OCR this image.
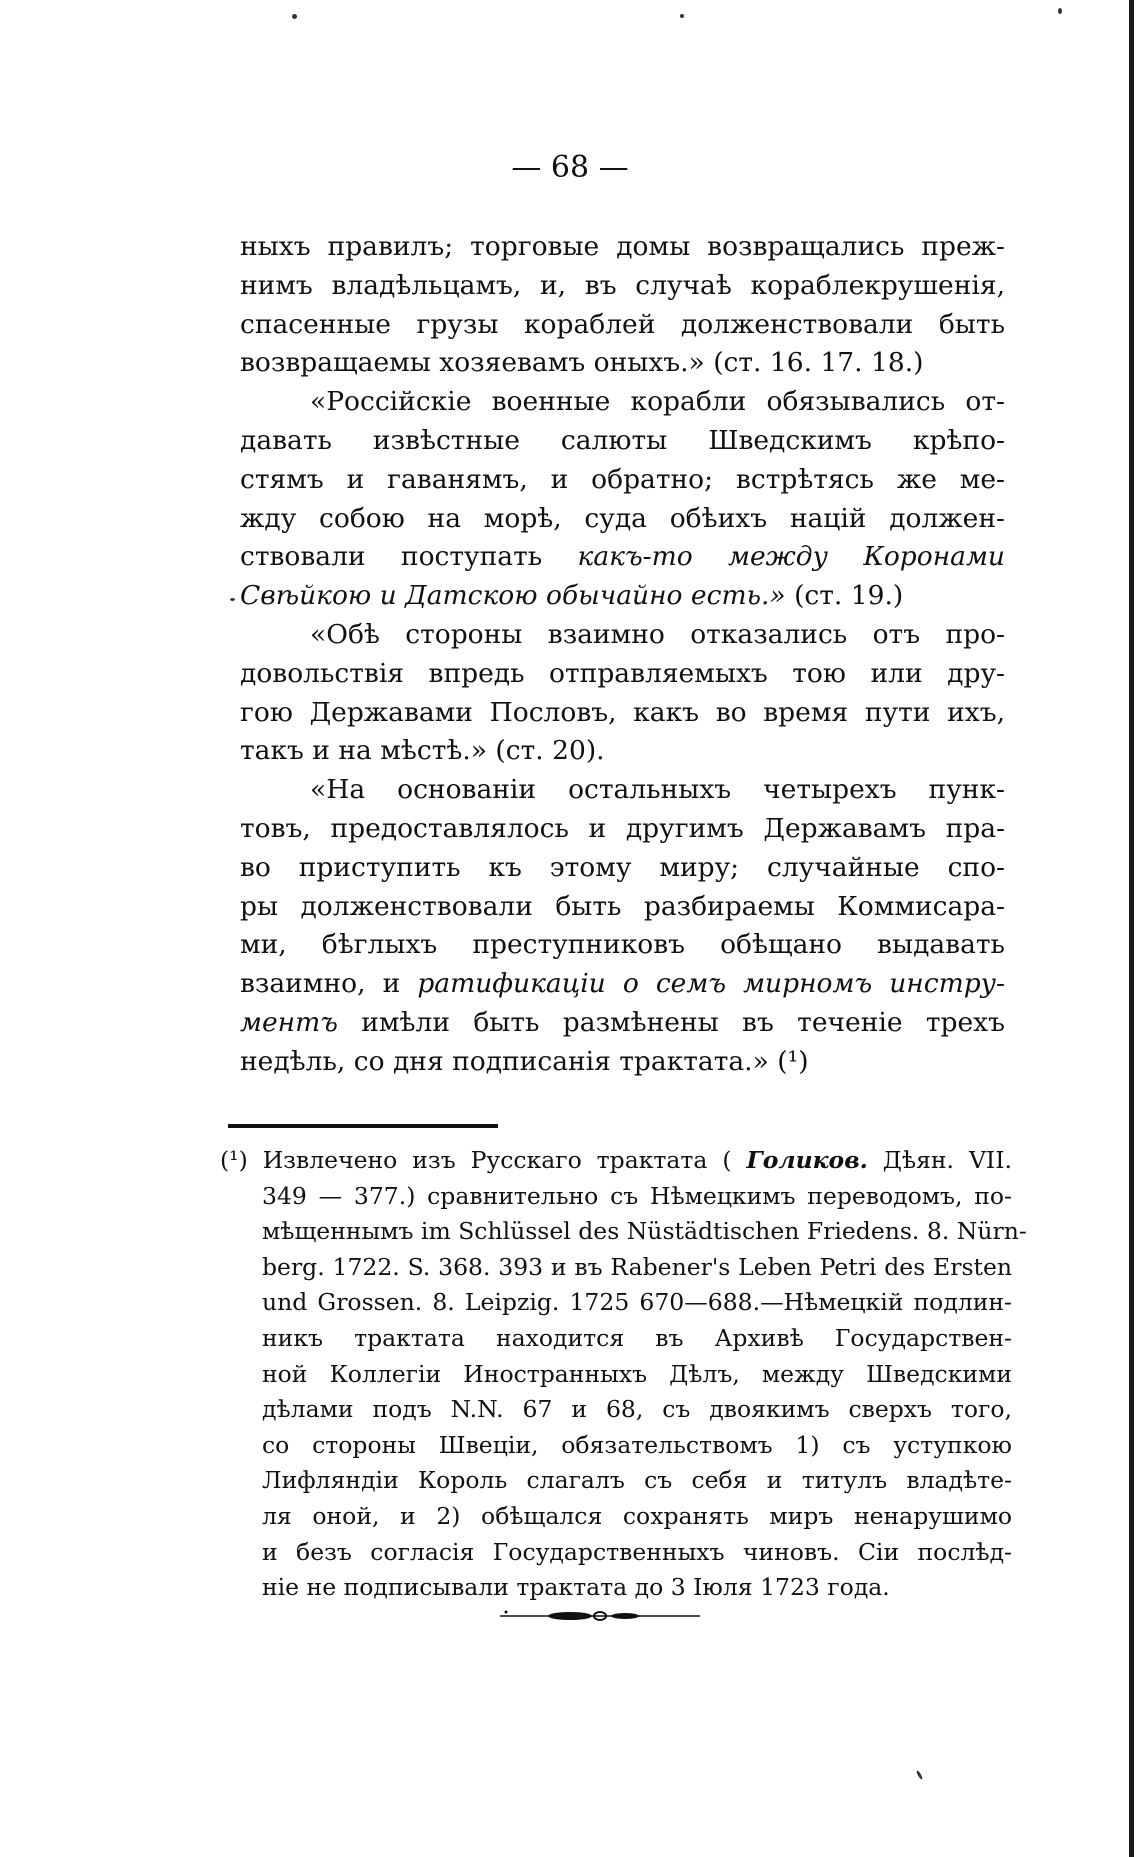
— 68 —
ныхъ правилъ; торговые домы возвращались преж-
нимъ владѣльцамъ, и, въ случаѣ кораблекрушенія,
спасенные грузы кораблей долженствовали быть
возвращаемы хозяевамъ оныхъ.» (ст. 16. 17. 18.)
«Россійскіе военные корабли обязывались от-
давать извѣстные салюты Шведскимъ крѣпо-
стямъ и гаванямъ, и обратно; встрѣтясь же ме-
жду собою на морѣ, суда обѣихъ націй должен-
ствовали поступать какъ-то между Коронами
Свѣйкою и Датскою обычайно есть.» (ст. 19.)
«Обѣ стороны взаимно отказались отъ про-
довольствія впредь отправляемыхъ тою или дру-
гою Державами Пословъ, какъ во время пути ихъ,
такъ и на мѣстѣ.» (ст. 20).
«На основаніи остальныхъ четырехъ пунк-
товъ, предоставлялось и другимъ Державамъ пра-
во приступить къ этому миру; случайные спо-
ры долженствовали быть разбираемы Коммисара-
ми, бѣглыхъ преступниковъ обѣщано выдавать
взаимно, и ратификаціи о семъ мирномъ инстру-
ментъ имѣли быть размѣнены въ теченіе трехъ
недѣль, со дня подписанія трактата.» (¹)
(¹) Извлечено изъ Русскаго трактата ( Голиков. Дѣян. VII.
349 — 377.) сравнительно съ Нѣмецкимъ переводомъ, по-
мѣщеннымъ im Schlüssel des Nüstädtischen Friedens. 8. Nürn-
berg. 1722. S. 368. 393 и въ Rabener's Leben Petri des Ersten
und Grossen. 8. Leipzig. 1725 670—688.—Нѣмецкій подлин-
никъ трактата находится въ Архивѣ Государствен-
ной Коллегіи Иностранныхъ Дѣлъ, между Шведскими
дѣлами подъ N.N. 67 и 68, съ двоякимъ сверхъ того,
со стороны Швеціи, обязательствомъ 1) съ уступкою
Лифляндіи Король слагалъ съ себя и титулъ владѣте-
ля оной, и 2) обѣщался сохранять миръ ненарушимо
и безъ согласія Государственныхъ чиновъ. Сіи послѣд-
ніе не подписывали трактата до 3 Іюля 1723 года.
